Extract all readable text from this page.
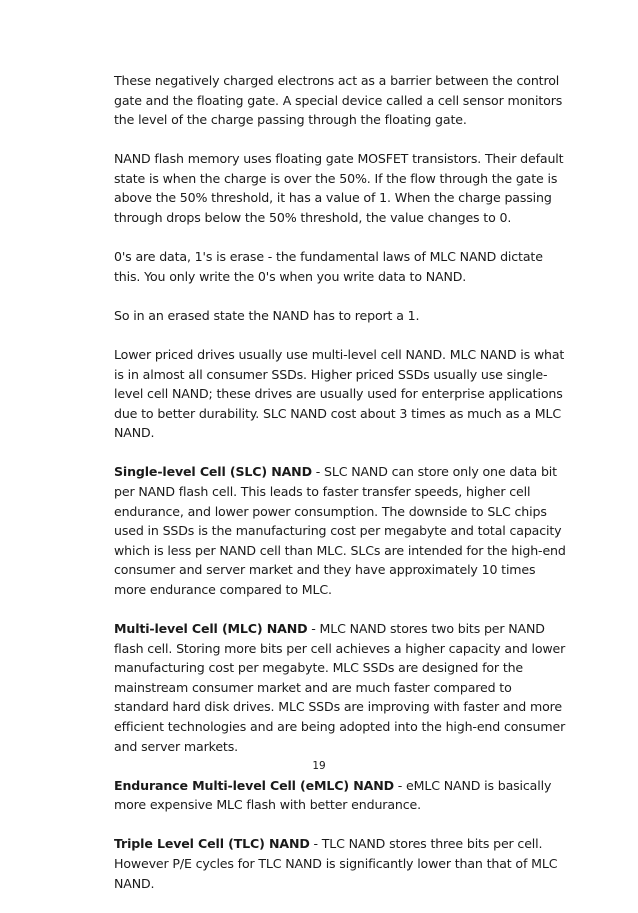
These negatively charged electrons act as a barrier between the control gate and the floating gate. A special device called a cell sensor monitors the level of the charge passing through the floating gate.

NAND flash memory uses floating gate MOSFET transistors. Their default state is when the charge is over the 50%. If the flow through the gate is above the 50% threshold, it has a value of 1. When the charge passing through drops below the 50% threshold, the value changes to 0.

0's are data, 1's is erase - the fundamental laws of MLC NAND dictate this. You only write the 0's when you write data to NAND.

So in an erased state the NAND has to report a 1.

Lower priced drives usually use multi-level cell NAND. MLC NAND is what is in almost all consumer SSDs. Higher priced SSDs usually use single-level cell NAND; these drives are usually used for enterprise applications due to better durability. SLC NAND cost about 3 times as much as a MLC NAND.

Single-level Cell (SLC) NAND - SLC NAND can store only one data bit per NAND flash cell. This leads to faster transfer speeds, higher cell endurance, and lower power consumption. The downside to SLC chips used in SSDs is the manufacturing cost per megabyte and total capacity which is less per NAND cell than MLC. SLCs are intended for the high-end consumer and server market and they have approximately 10 times more endurance compared to MLC.

Multi-level Cell (MLC) NAND - MLC NAND stores two bits per NAND flash cell. Storing more bits per cell achieves a higher capacity and lower manufacturing cost per megabyte. MLC SSDs are designed for the mainstream consumer market and are much faster compared to standard hard disk drives. MLC SSDs are improving with faster and more efficient technologies and are being adopted into the high-end consumer and server markets.

Endurance Multi-level Cell (eMLC) NAND - eMLC NAND is basically more expensive MLC flash with better endurance.

Triple Level Cell (TLC) NAND - TLC NAND stores three bits per cell. However P/E cycles for TLC NAND is significantly lower than that of MLC NAND.

19
